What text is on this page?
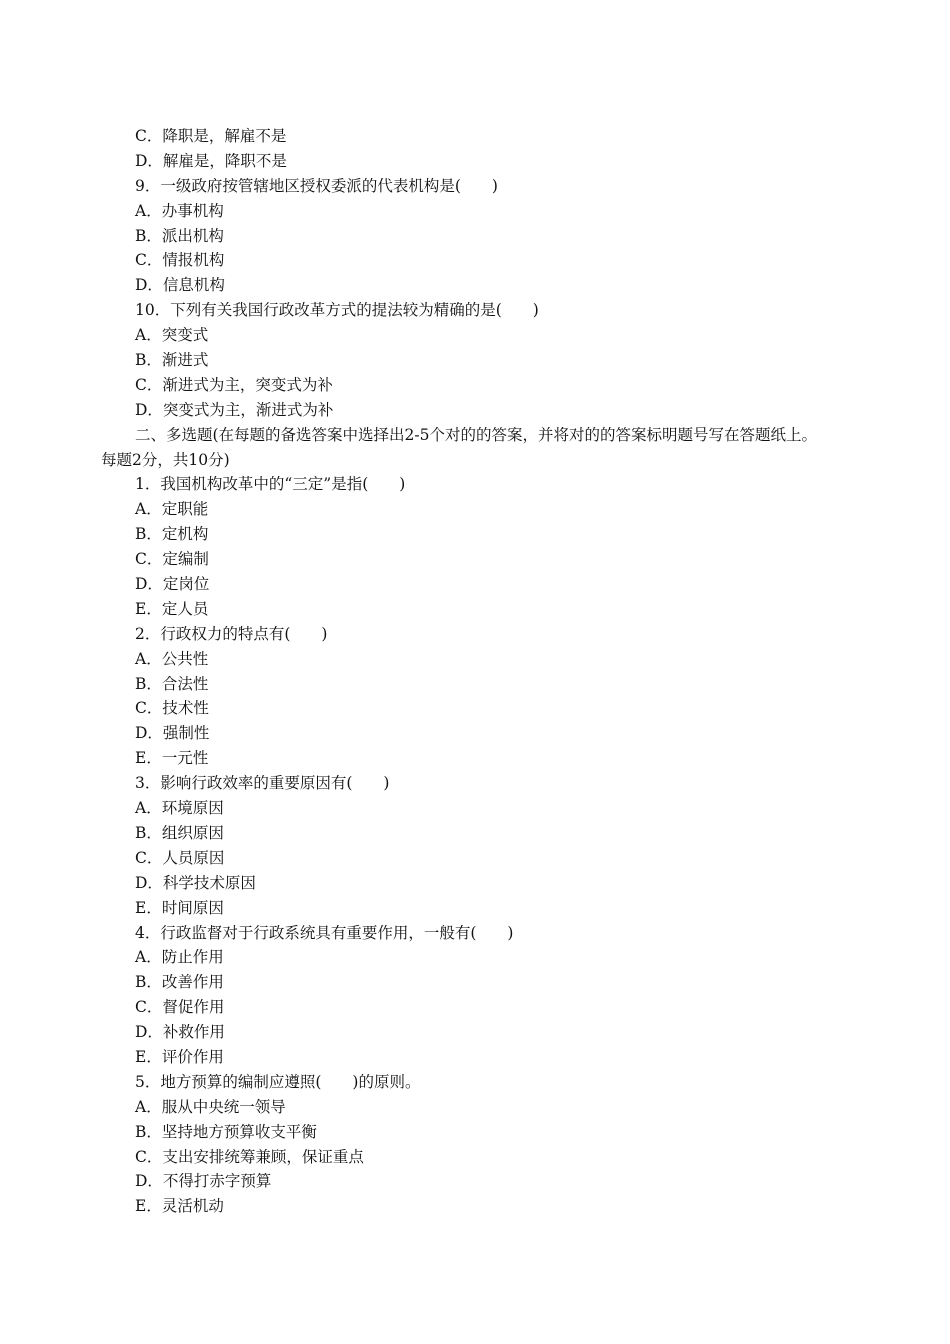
C．降职是，解雇不是
D．解雇是，降职不是
9．一级政府按管辖地区授权委派的代表机构是(　　)
A．办事机构
B．派出机构
C．情报机构
D．信息机构
10．下列有关我国行政改革方式的提法较为精确的是(　　)
A．突变式
B．渐进式
C．渐进式为主，突变式为补
D．突变式为主，渐进式为补
二、多选题(在每题的备选答案中选择出2-5个对的的答案，并将对的的答案标明题号写在答题纸上。
每题2分，共10分)
1．我国机构改革中的“三定”是指(　　)
A．定职能
B．定机构
C．定编制
D．定岗位
E．定人员
2．行政权力的特点有(　　)
A．公共性
B．合法性
C．技术性
D．强制性
E．一元性
3．影响行政效率的重要原因有(　　)
A．环境原因
B．组织原因
C．人员原因
D．科学技术原因
E．时间原因
4．行政监督对于行政系统具有重要作用，一般有(　　)
A．防止作用
B．改善作用
C．督促作用
D．补救作用
E．评价作用
5．地方预算的编制应遵照(　　)的原则。
A．服从中央统一领导
B．坚持地方预算收支平衡
C．支出安排统筹兼顾，保证重点
D．不得打赤字预算
E．灵活机动
